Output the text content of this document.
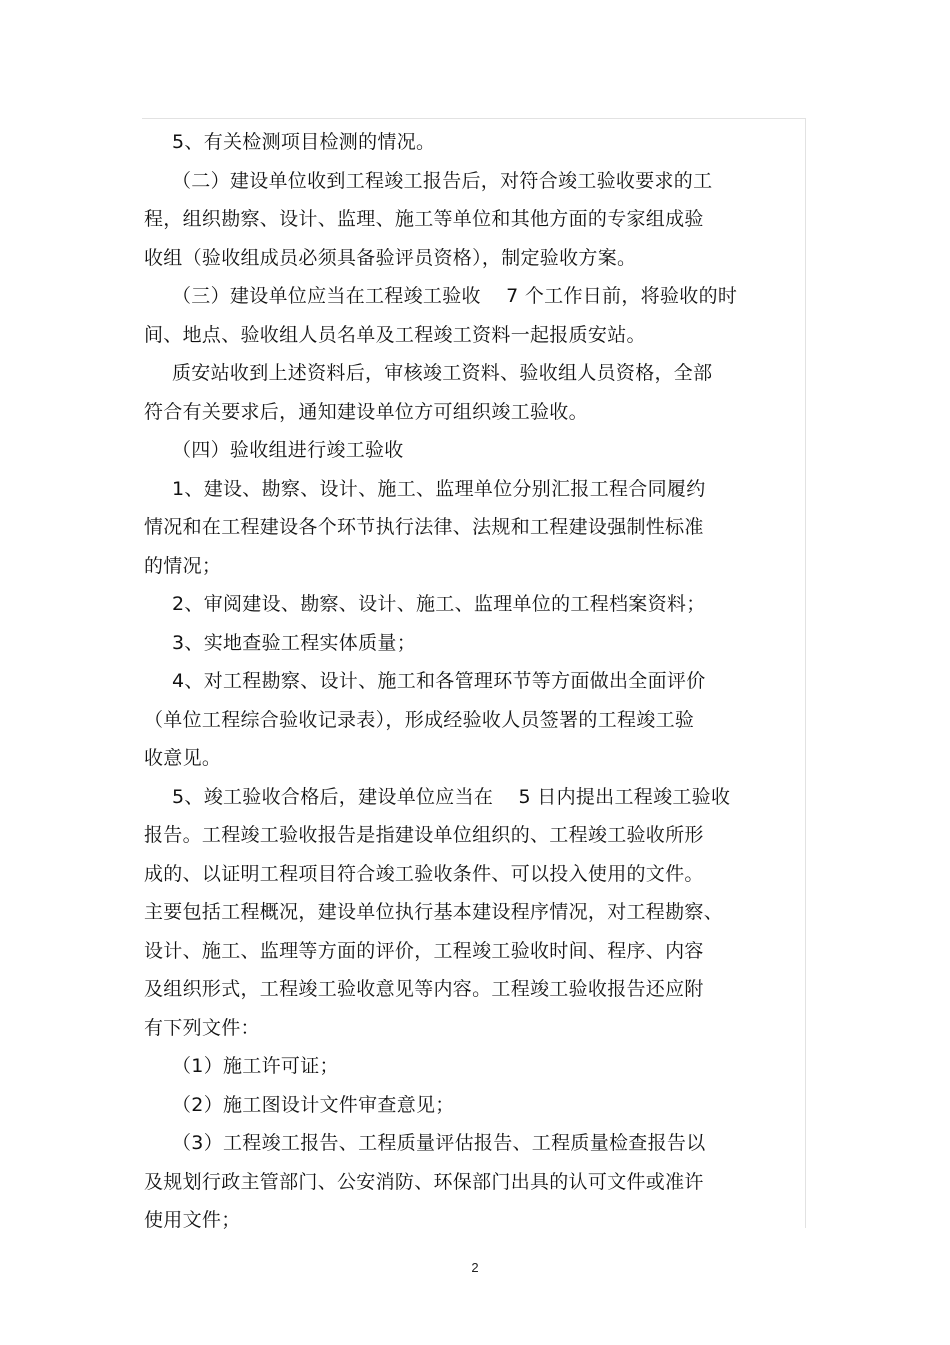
5、有关检测项目检测的情况。
（二）建设单位收到工程竣工报告后，对符合竣工验收要求的工
程，组织勘察、设计、监理、施工等单位和其他方面的专家组成验
收组（验收组成员必须具备验评员资格），制定验收方案。
（三）建设单位应当在工程竣工验收    7 个工作日前，将验收的时
间、地点、验收组人员名单及工程竣工资料一起报质安站。
质安站收到上述资料后，审核竣工资料、验收组人员资格，全部
符合有关要求后，通知建设单位方可组织竣工验收。
（四）验收组进行竣工验收
1、建设、勘察、设计、施工、监理单位分别汇报工程合同履约
情况和在工程建设各个环节执行法律、法规和工程建设强制性标准
的情况；
2、审阅建设、勘察、设计、施工、监理单位的工程档案资料；
3、实地查验工程实体质量；
4、对工程勘察、设计、施工和各管理环节等方面做出全面评价
（单位工程综合验收记录表），形成经验收人员签署的工程竣工验
收意见。
5、竣工验收合格后，建设单位应当在    5 日内提出工程竣工验收
报告。工程竣工验收报告是指建设单位组织的、工程竣工验收所形
成的、以证明工程项目符合竣工验收条件、可以投入使用的文件。
主要包括工程概况，建设单位执行基本建设程序情况，对工程勘察、
设计、施工、监理等方面的评价，工程竣工验收时间、程序、内容
及组织形式，工程竣工验收意见等内容。工程竣工验收报告还应附
有下列文件：
（1）施工许可证；
（2）施工图设计文件审查意见；
（3）工程竣工报告、工程质量评估报告、工程质量检查报告以
及规划行政主管部门、公安消防、环保部门出具的认可文件或准许
使用文件；
2
